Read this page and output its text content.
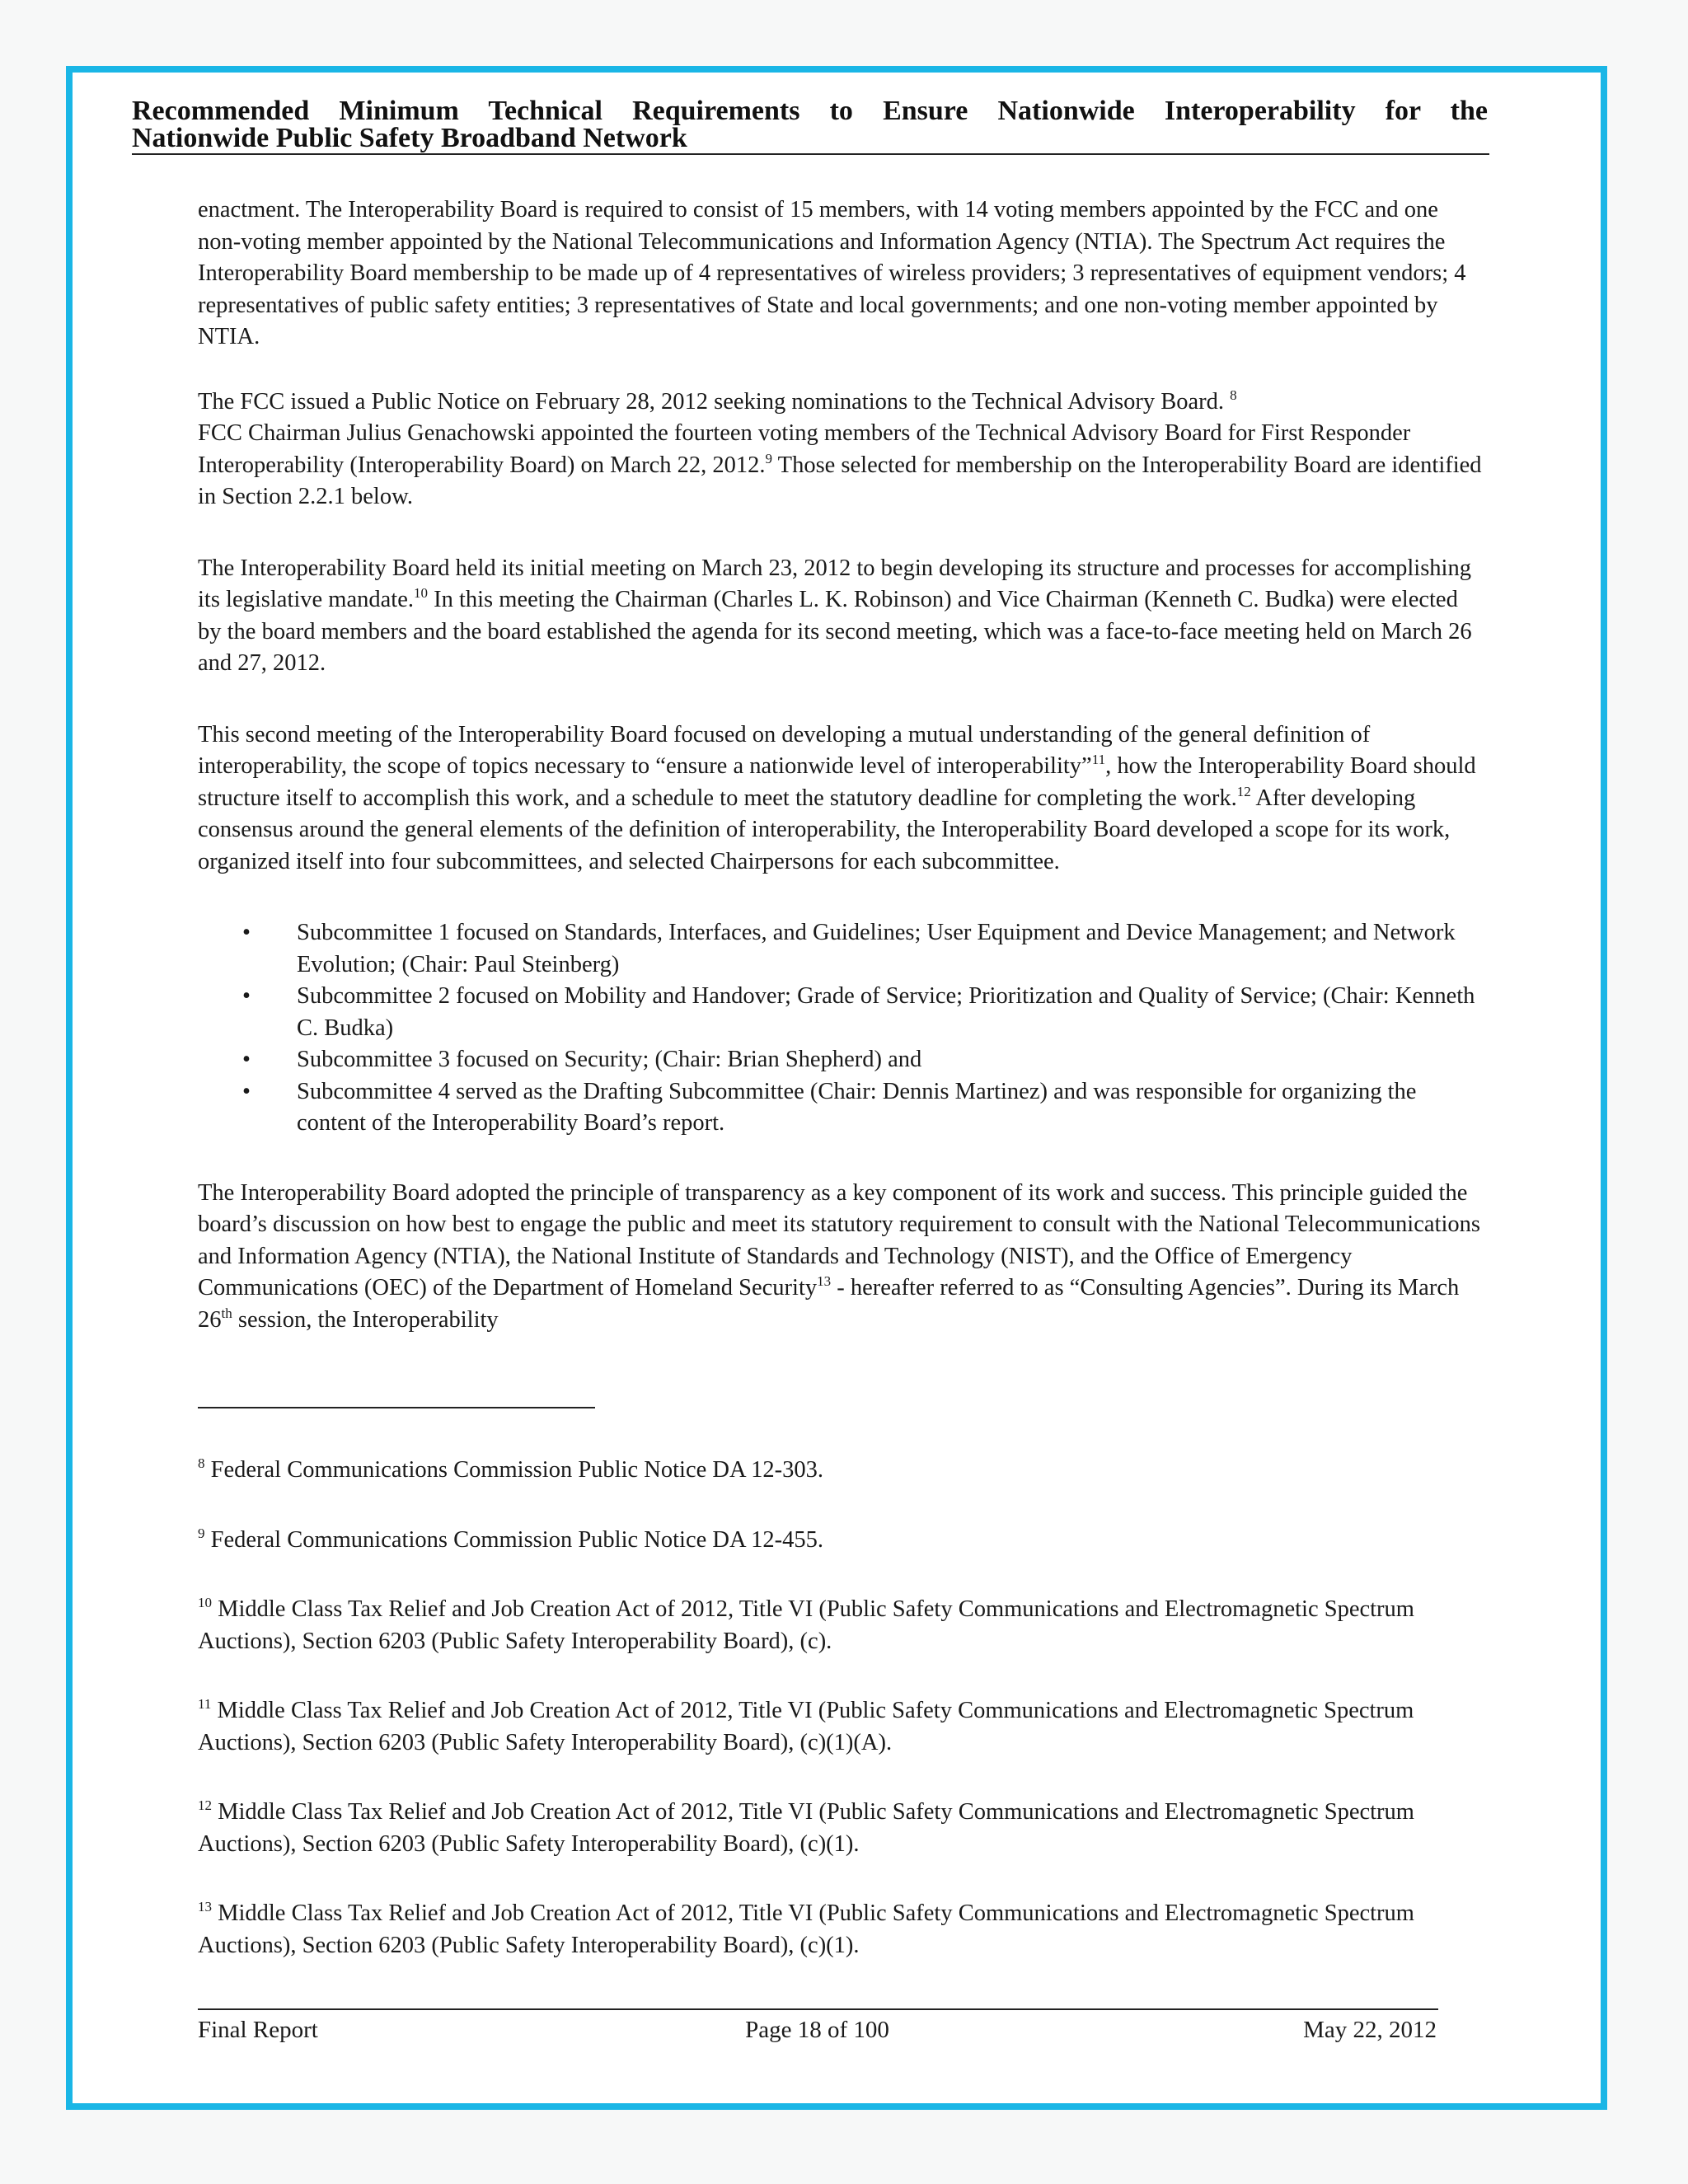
Recommended Minimum Technical Requirements to Ensure Nationwide Interoperability for the
Nationwide Public Safety Broadband Network

enactment. The Interoperability Board is required to consist of 15 members, with 14 voting members appointed by the FCC and one non-voting member appointed by the National Telecommunications and Information Agency (NTIA). The Spectrum Act requires the Interoperability Board membership to be made up of 4 representatives of wireless providers; 3 representatives of equipment vendors; 4 representatives of public safety entities; 3 representatives of State and local governments; and one non-voting member appointed by NTIA.

The FCC issued a Public Notice on February 28, 2012 seeking nominations to the Technical Advisory Board. $^8$
FCC Chairman Julius Genachowski appointed the fourteen voting members of the Technical Advisory Board for First Responder Interoperability (Interoperability Board) on March 22, 2012.$^9$ Those selected for membership on the Interoperability Board are identified in Section 2.2.1 below.

The Interoperability Board held its initial meeting on March 23, 2012 to begin developing its structure and processes for accomplishing its legislative mandate.$^{10}$ In this meeting the Chairman (Charles L. K. Robinson) and Vice Chairman (Kenneth C. Budka) were elected by the board members and the board established the agenda for its second meeting, which was a face-to-face meeting held on March 26 and 27, 2012.

This second meeting of the Interoperability Board focused on developing a mutual understanding of the general definition of interoperability, the scope of topics necessary to “ensure a nationwide level of interoperability”$^{11}$, how the Interoperability Board should structure itself to accomplish this work, and a schedule to meet the statutory deadline for completing the work.$^{12}$ After developing consensus around the general elements of the definition of interoperability, the Interoperability Board developed a scope for its work, organized itself into four subcommittees, and selected Chairpersons for each subcommittee.

• Subcommittee 1 focused on Standards, Interfaces, and Guidelines; User Equipment and Device Management; and Network Evolution; (Chair: Paul Steinberg)
• Subcommittee 2 focused on Mobility and Handover; Grade of Service; Prioritization and Quality of Service; (Chair: Kenneth C. Budka)
• Subcommittee 3 focused on Security; (Chair: Brian Shepherd) and
• Subcommittee 4 served as the Drafting Subcommittee (Chair: Dennis Martinez) and was responsible for organizing the content of the Interoperability Board’s report.

The Interoperability Board adopted the principle of transparency as a key component of its work and success. This principle guided the board’s discussion on how best to engage the public and meet its statutory requirement to consult with the National Telecommunications and Information Agency (NTIA), the National Institute of Standards and Technology (NIST), and the Office of Emergency Communications (OEC) of the Department of Homeland Security$^{13}$ - hereafter referred to as “Consulting Agencies”. During its March 26th session, the Interoperability

$^8$ Federal Communications Commission Public Notice DA 12-303.

$^9$ Federal Communications Commission Public Notice DA 12-455.

$^{10}$ Middle Class Tax Relief and Job Creation Act of 2012, Title VI (Public Safety Communications and Electromagnetic Spectrum Auctions), Section 6203 (Public Safety Interoperability Board), (c).

$^{11}$ Middle Class Tax Relief and Job Creation Act of 2012, Title VI (Public Safety Communications and Electromagnetic Spectrum Auctions), Section 6203 (Public Safety Interoperability Board), (c)(1)(A).

$^{12}$ Middle Class Tax Relief and Job Creation Act of 2012, Title VI (Public Safety Communications and Electromagnetic Spectrum Auctions), Section 6203 (Public Safety Interoperability Board), (c)(1).

$^{13}$ Middle Class Tax Relief and Job Creation Act of 2012, Title VI (Public Safety Communications and Electromagnetic Spectrum Auctions), Section 6203 (Public Safety Interoperability Board), (c)(1).

Final Report	Page 18 of 100	May 22, 2012
